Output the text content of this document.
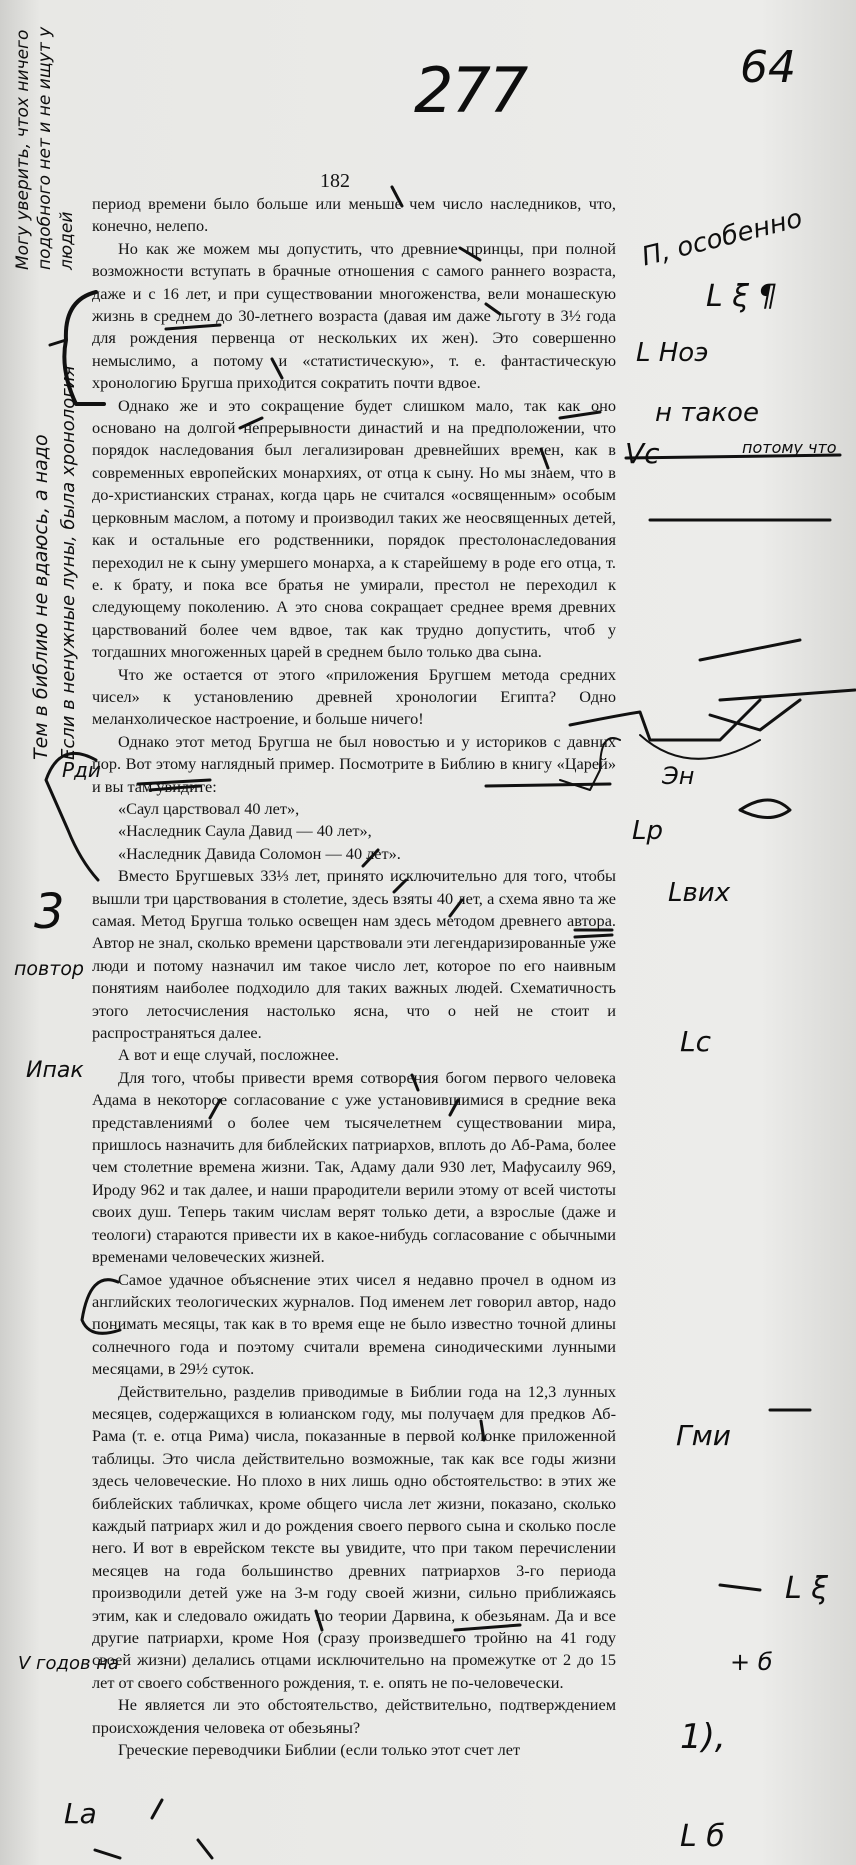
277	64
182
Могу уверить, чтох ничего подобного нет и не ищут у людей
Тем в библию не вдаюсь, а надо Если в ненужные луны, была хронология
П, особенно
L ξ ¶
L Ноэ
н такое
Vc	потому что
Эн
Lр
Lвих
Lc
Гми
L ξ
+ б
1),
L б
Рди
3
повтор
Ипак
V годов на
Lа

период времени было больше или меньше чем число наследников, что, конечно, нелепо.

Но как же можем мы допустить, что древние принцы, при полной возможности вступать в брачные отношения с самого раннего возраста, даже и с 16 лет, и при существовании многоженства, вели монашескую жизнь в среднем до 30-летнего возраста (давая им даже льготу в 3½ года для рождения первенца от нескольких их жен). Это совершенно немыслимо, а потому и «статистическую», т. е. фантастическую хронологию Бругша приходится сократить почти вдвое.

Однако же и это сокращение будет слишком мало, так как оно основано на долгой непрерывности династий и на предположении, что порядок наследования был легализирован древнейших времен, как в современных европейских монархиях, от отца к сыну. Но мы знаем, что в до-христианских странах, когда царь не считался «освященным» особым церковным маслом, а потому и производил таких же неосвященных детей, как и остальные его родственники, порядок престолонаследования переходил не к сыну умершего монарха, а к старейшему в роде его отца, т. е. к брату, и пока все братья не умирали, престол не переходил к следующему поколению. А это снова сокращает среднее время древних царствований более чем вдвое, так как трудно допустить, чтоб у тогдашних многоженных царей в среднем было только два сына.

Что же остается от этого «приложения Бругшем метода средних чисел» к установлению древней хронологии Египта? Одно меланхолическое настроение, и больше ничего!

Однако этот метод Бругша не был новостью и у историков с давних пор. Вот этому наглядный пример. Посмотрите в Библию в книгу «Царей» и вы там увидите:

«Саул царствовал 40 лет»,

«Наследник Саула Давид — 40 лет»,

«Наследник Давида Соломон — 40 лет».

Вместо Бругшевых 33⅓ лет, принято исключительно для того, чтобы вышли три царствования в столетие, здесь взяты 40 лет, а схема явно та же самая. Метод Бругша только освещен нам здесь методом древнего автора. Автор не знал, сколько времени царствовали эти легендаризированные уже люди и потому назначил им такое число лет, которое по его наивным понятиям наиболее подходило для таких важных людей. Схематичность этого летосчисления настолько ясна, что о ней не стоит и распространяться далее.

А вот и еще случай, посложнее.

Для того, чтобы привести время сотворения богом первого человека Адама в некоторое согласование с уже установившимися в средние века представлениями о более чем тысячелетнем существовании мира, пришлось назначить для библейских патриархов, вплоть до Аб-Рама, более чем столетние времена жизни. Так, Адаму дали 930 лет, Мафусаилу 969, Ироду 962 и так далее, и наши прародители верили этому от всей чистоты своих душ. Теперь таким числам верят только дети, а взрослые (даже и теологи) стараются привести их в какое-нибудь согласование с обычными временами человеческих жизней.

Самое удачное объяснение этих чисел я недавно прочел в одном из английских теологических журналов. Под именем лет говорил автор, надо понимать месяцы, так как в то время еще не было известно точной длины солнечного года и поэтому считали времена синодическими лунными месяцами, в 29½ суток.

Действительно, разделив приводимые в Библии года на 12,3 лунных месяцев, содержащихся в юлианском году, мы получаем для предков Аб-Рама (т. е. отца Рима) числа, показанные в первой колонке приложенной таблицы. Это числа действительно возможные, так как все годы жизни здесь человеческие. Но плохо в них лишь одно обстоятельство: в этих же библейских табличках, кроме общего числа лет жизни, показано, сколько каждый патриарх жил и до рождения своего первого сына и сколько после него. И вот в еврейском тексте вы увидите, что при таком перечислении месяцев на года большинство древних патриархов 3-го периода производили детей уже на 3-м году своей жизни, сильно приближаясь этим, как и следовало ожидать по теории Дарвина, к обезьянам. Да и все другие патриархи, кроме Ноя (сразу произведшего тройню на 41 году своей жизни) делались отцами исключительно на промежутке от 2 до 15 лет от своего собственного рождения, т. е. опять не по-человечески.

Не является ли это обстоятельство, действительно, подтверждением происхождения человека от обезьяны?

Греческие переводчики Библии (если только этот счет лет
